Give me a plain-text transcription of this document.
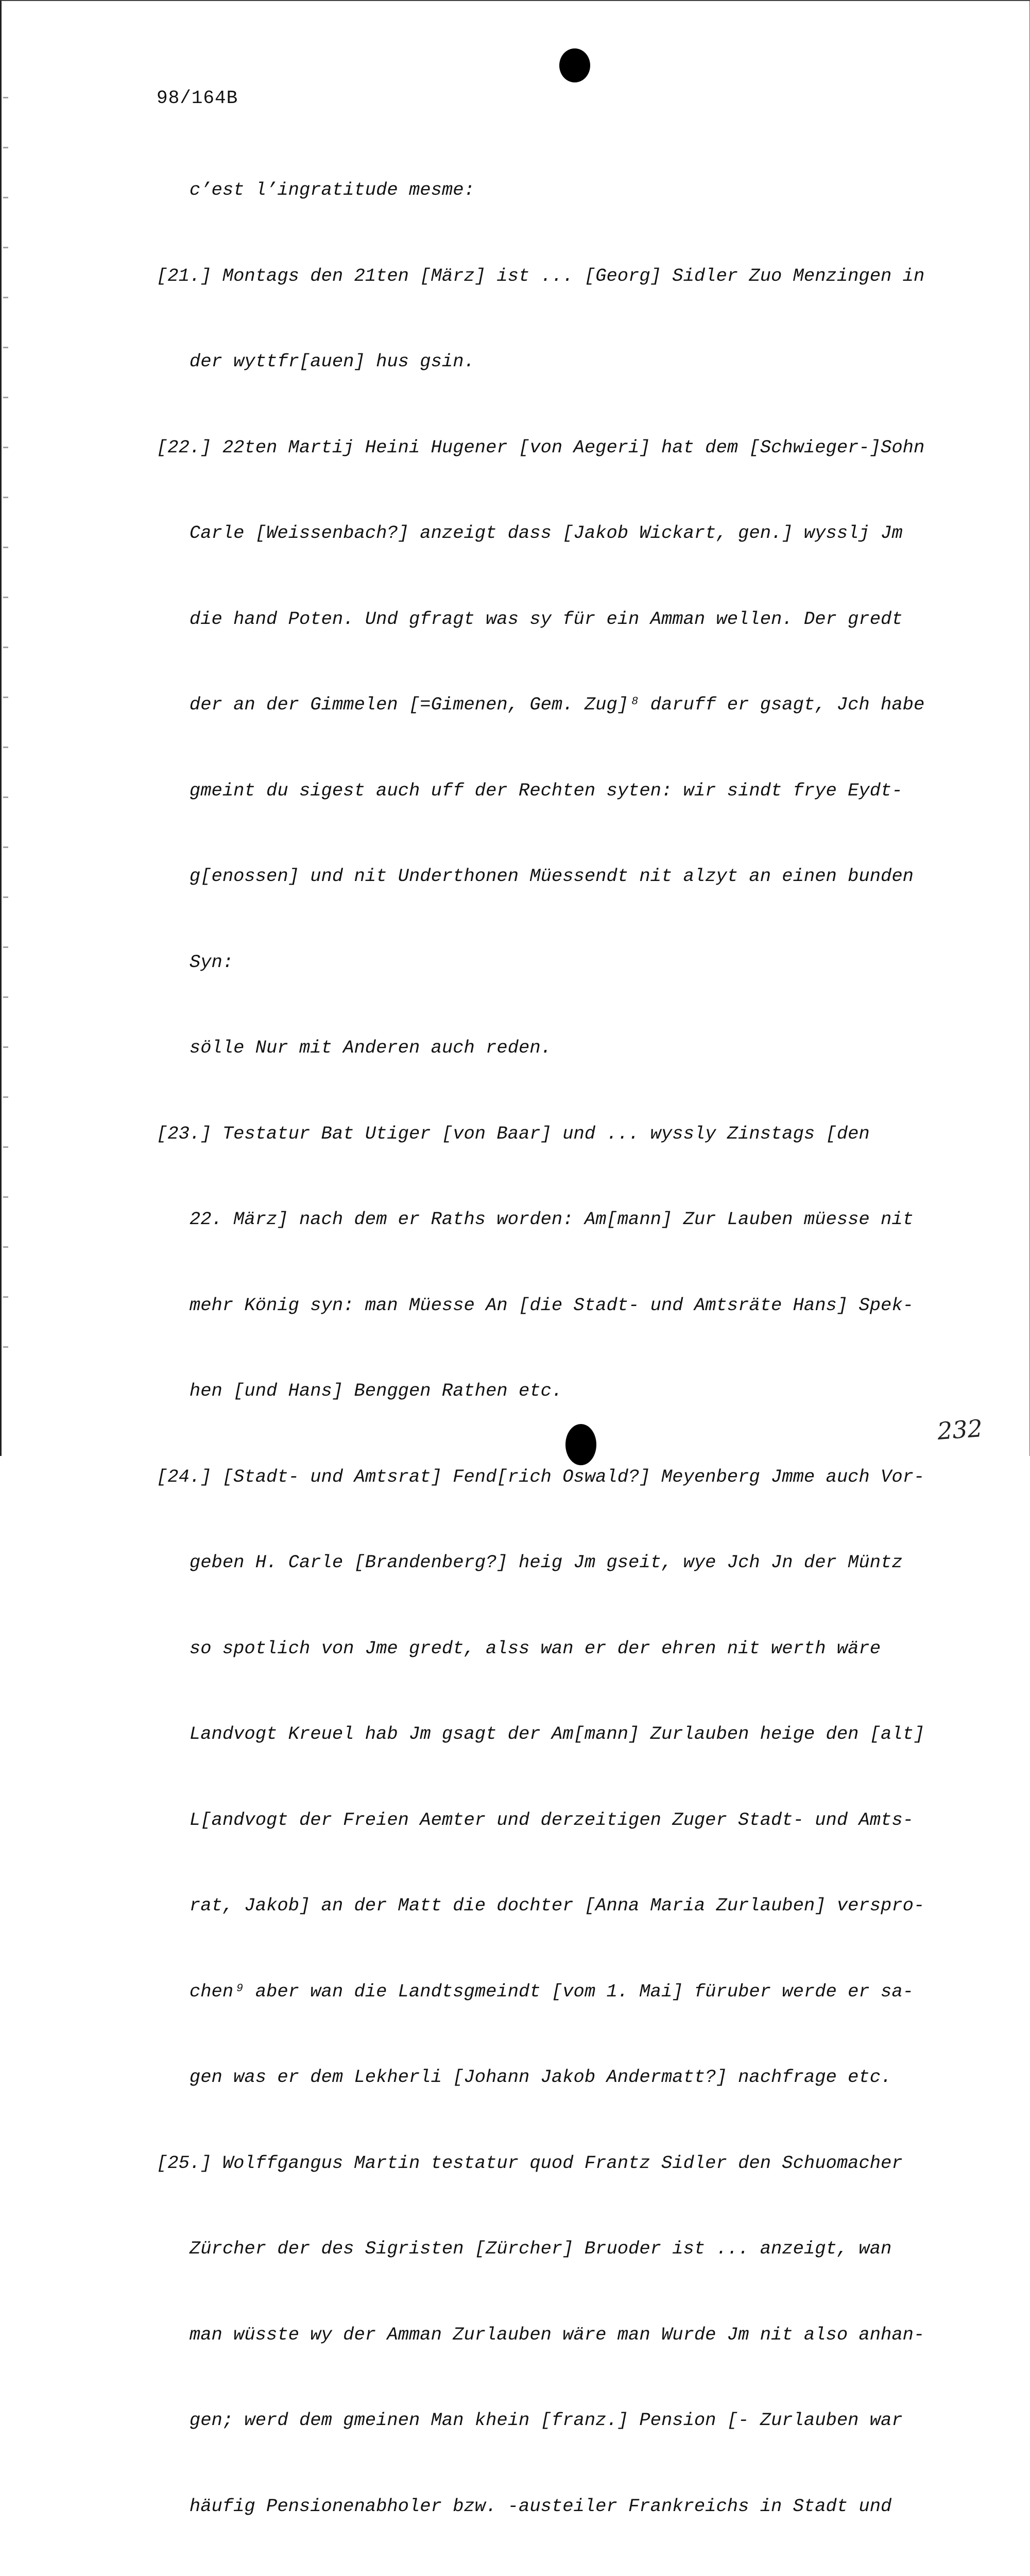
98/164B

c’est l’ingratitude mesme:

[21.] Montags den 21ten [März] ist ... [Georg] Sidler Zuo Menzingen in

der wyttfr[auen] hus gsin.

[22.] 22ten Martij Heini Hugener [von Aegeri] hat dem [Schwieger-]Sohn

Carle [Weissenbach?] anzeigt dass [Jakob Wickart, gen.] wysslj Jm

die hand Poten. Und gfragt was sy für ein Amman wellen. Der gredt

der an der Gimmelen [=Gimenen, Gem. Zug]⁸ daruff er gsagt, Jch habe

gmeint du sigest auch uff der Rechten syten: wir sindt frye Eydt-

g[enossen] und nit Underthonen Müessendt nit alzyt an einen bunden

Syn:

sölle Nur mit Anderen auch reden.

[23.] Testatur Bat Utiger [von Baar] und ... wyssly Zinstags [den

22. März] nach dem er Raths worden: Am[mann] Zur Lauben müesse nit

mehr König syn: man Müesse An [die Stadt- und Amtsräte Hans] Spek-

hen [und Hans] Benggen Rathen etc.

[24.] [Stadt- und Amtsrat] Fend[rich Oswald?] Meyenberg Jmme auch Vor-

geben H. Carle [Brandenberg?] heig Jm gseit, wye Jch Jn der Müntz

so spotlich von Jme gredt, alss wan er der ehren nit werth wäre

Landvogt Kreuel hab Jm gsagt der Am[mann] Zurlauben heige den [alt]

L[andvogt der Freien Aemter und derzeitigen Zuger Stadt- und Amts-

rat, Jakob] an der Matt die dochter [Anna Maria Zurlauben] verspro-

chen⁹ aber wan die Landtsgmeindt [vom 1. Mai] füruber werde er sa-

gen was er dem Lekherli [Johann Jakob Andermatt?] nachfrage etc.

[25.] Wolffgangus Martin testatur quod Frantz Sidler den Schuomacher

Zürcher der des Sigristen [Zürcher] Bruoder ist ... anzeigt, wan

man wüsste wy der Amman Zurlauben wäre man Wurde Jm nit also anhan-

gen; werd dem gmeinen Man khein [franz.] Pension [- Zurlauben war

häufig Pensionenabholer bzw. -austeiler Frankreichs in Stadt und

232
